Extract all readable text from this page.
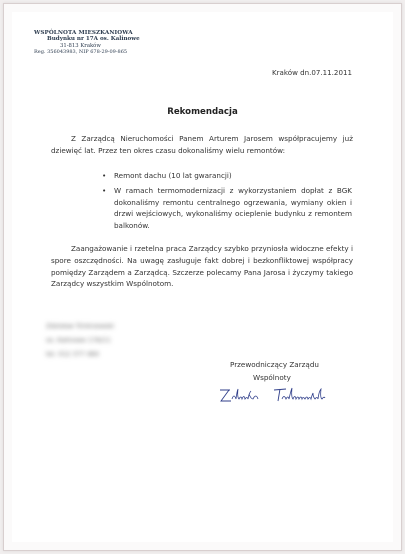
WSPÓLNOTA MIESZKANIOWA
Budynku nr 17A os. Kalinowe
31-813 Kraków
Reg. 356043983, NIP 678-29-09-865
Kraków dn.07.11.2011
Rekomendacja
Z Zarządcą Nieruchomości Panem Arturem Jarosem współpracujemy już dziewięć lat. Przez ten okres czasu dokonaliśmy wielu remontów:
• Remont dachu (10 lat gwarancji)
• W ramach termomodernizacji z wykorzystaniem dopłat z BGK dokonaliśmy remontu centralnego ogrzewania, wymiany okien i drzwi wejściowych, wykonaliśmy ocieplenie budynku z remontem balkonów.
Zaangażowanie i rzetelna praca Zarządcy szybko przyniosła widoczne efekty i spore oszczędności. Na uwagę zasługuje fakt dobrej i bezkonfliktowej współpracy pomiędzy Zarządem a Zarządcą. Szczerze polecamy Pana Jarosa i życzymy takiego Zarządcy wszystkim Wspólnotom.
Zdzisław Tchórzewski
os. Kalinowe 17A/11
tel. 012 377 484
Przewodniczący Zarządu
Wspólnoty
